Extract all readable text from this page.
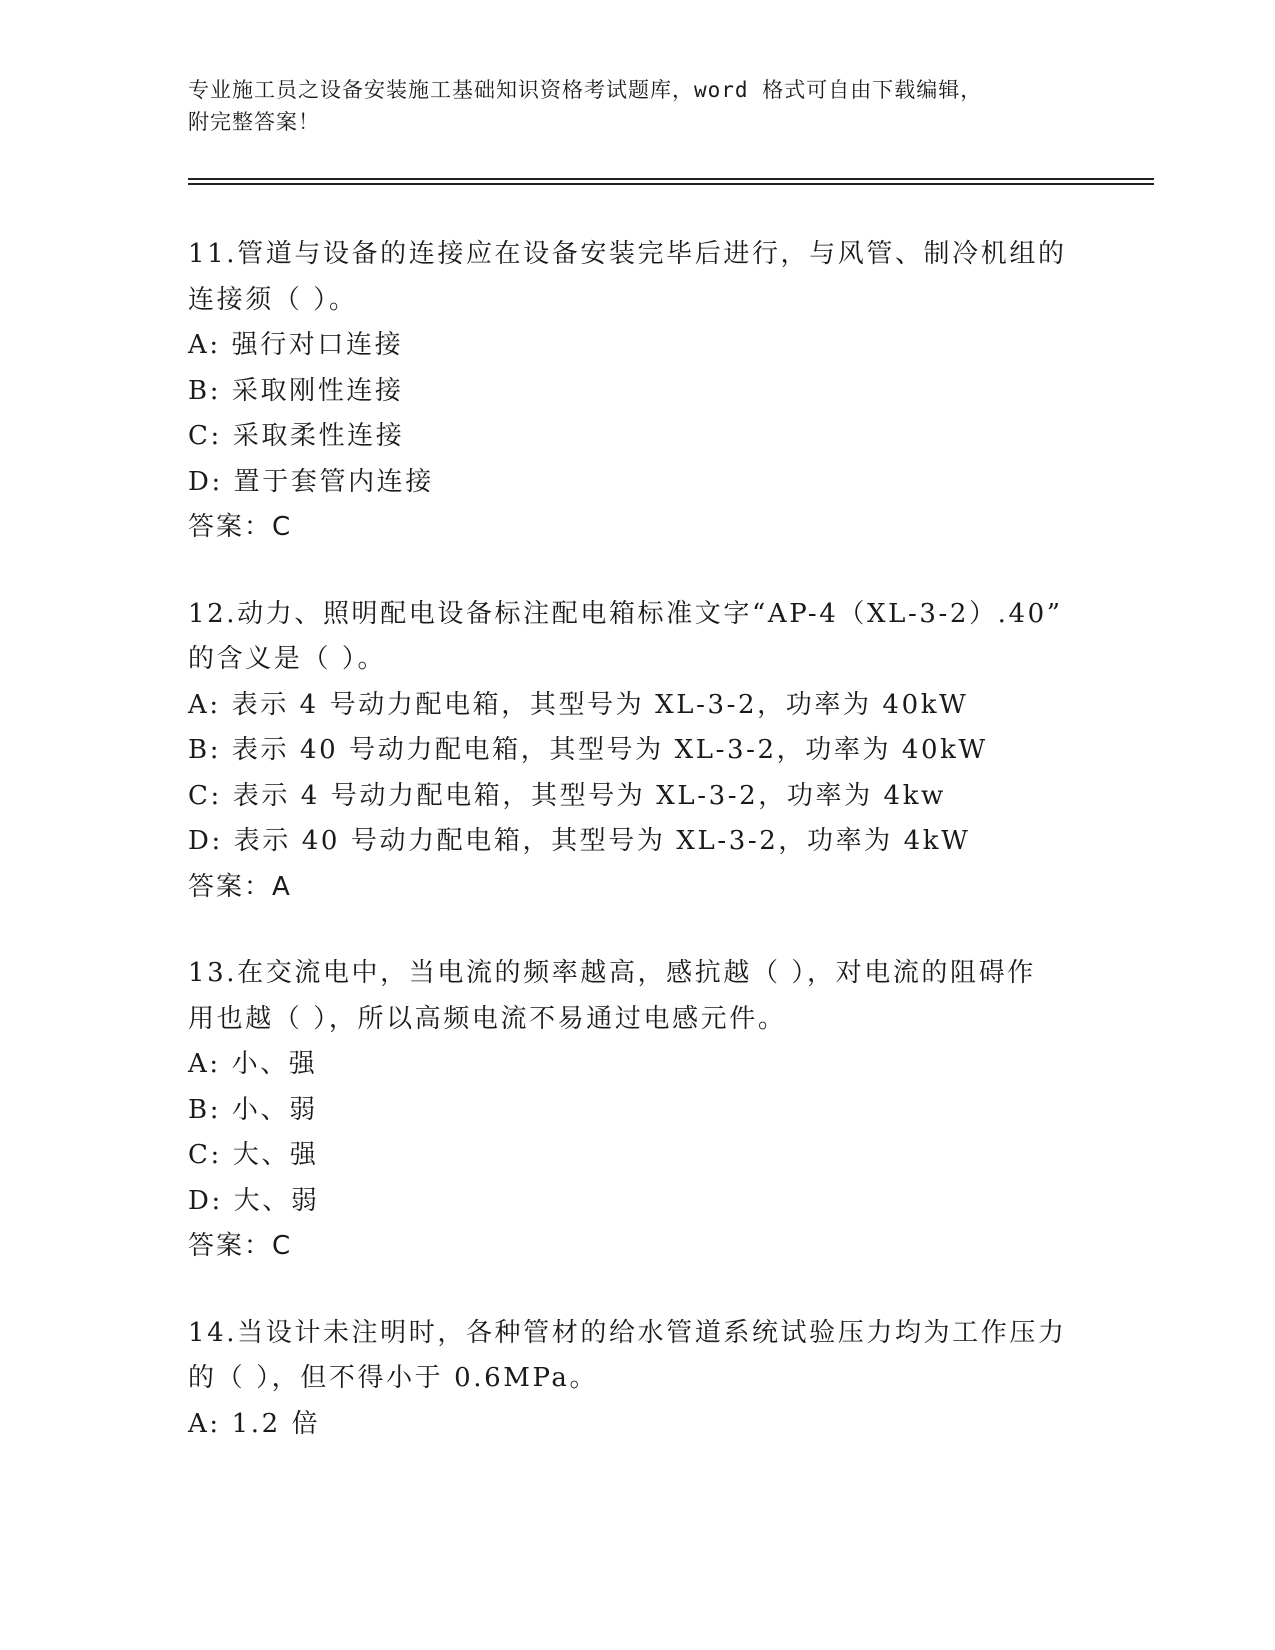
专业施工员之设备安装施工基础知识资格考试题库，word 格式可自由下载编辑，
附完整答案！
11.管道与设备的连接应在设备安装完毕后进行，与风管、制冷机组的
连接须（ ）。
A: 强行对口连接
B: 采取刚性连接
C: 采取柔性连接
D: 置于套管内连接
答案：C
12.动力、照明配电设备标注配电箱标准文字“AP-4（XL-3-2）.40”
的含义是（ ）。
A: 表示 4 号动力配电箱，其型号为 XL-3-2，功率为 40kW
B: 表示 40 号动力配电箱，其型号为 XL-3-2，功率为 40kW
C: 表示 4 号动力配电箱，其型号为 XL-3-2，功率为 4kw
D: 表示 40 号动力配电箱，其型号为 XL-3-2，功率为 4kW
答案：A
13.在交流电中，当电流的频率越高，感抗越（ ），对电流的阻碍作
用也越（ ），所以高频电流不易通过电感元件。
A: 小、强
B: 小、弱
C: 大、强
D: 大、弱
答案：C
14.当设计未注明时，各种管材的给水管道系统试验压力均为工作压力
的（ ），但不得小于 0.6MPa。
A: 1.2 倍
